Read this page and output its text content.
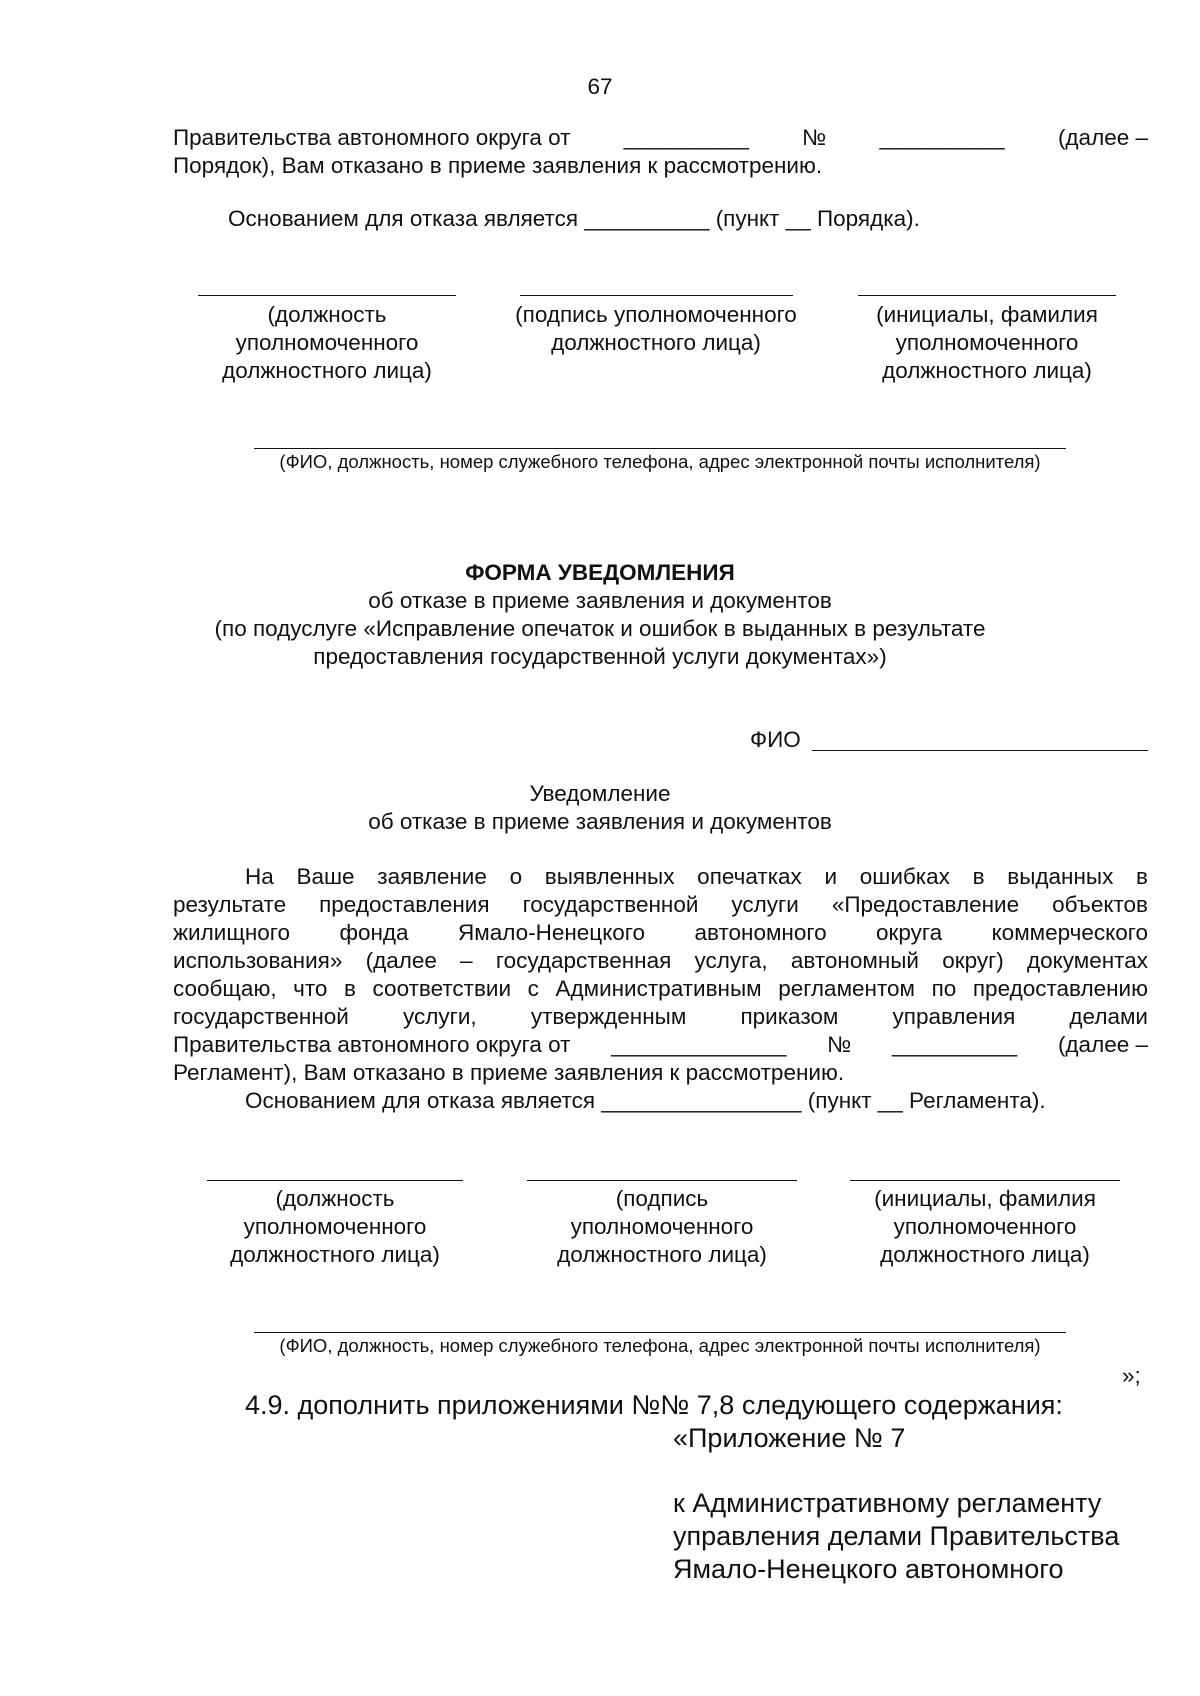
67
Правительства автономного округа от __________ № __________ (далее –
Порядок), Вам отказано в приеме заявления к рассмотрению.
Основанием для отказа является __________ (пункт __ Порядка).
(должность
уполномоченного
должностного лица)
(подпись уполномоченного
должностного лица)
(инициалы, фамилия
уполномоченного
должностного лица)
(ФИО, должность, номер служебного телефона, адрес электронной почты исполнителя)
ФОРМА УВЕДОМЛЕНИЯ
об отказе в приеме заявления и документов
(по подуслуге «Исправление опечаток и ошибок в выданных в результате
предоставления государственной услуги документах»)
ФИО
Уведомление
об отказе в приеме заявления и документов
На Ваше заявление о выявленных опечатках и ошибках в выданных в
результате предоставления государственной услуги «Предоставление объектов
жилищного фонда Ямало-Ненецкого автономного округа коммерческого
использования» (далее – государственная услуга, автономный округ) документах
сообщаю, что в соответствии с Административным регламентом по предоставлению
государственной услуги, утвержденным приказом управления делами
Правительства автономного округа от ______________ № __________ (далее –
Регламент), Вам отказано в приеме заявления к рассмотрению.
Основанием для отказа является ________________ (пункт __ Регламента).
(должность
уполномоченного
должностного лица)
(подпись
уполномоченного
должностного лица)
(инициалы, фамилия
уполномоченного
должностного лица)
(ФИО, должность, номер служебного телефона, адрес электронной почты исполнителя)
»;
4.9. дополнить приложениями №№ 7,8 следующего содержания:
«Приложение № 7
к Административному регламенту
управления делами Правительства
Ямало-Ненецкого автономного
